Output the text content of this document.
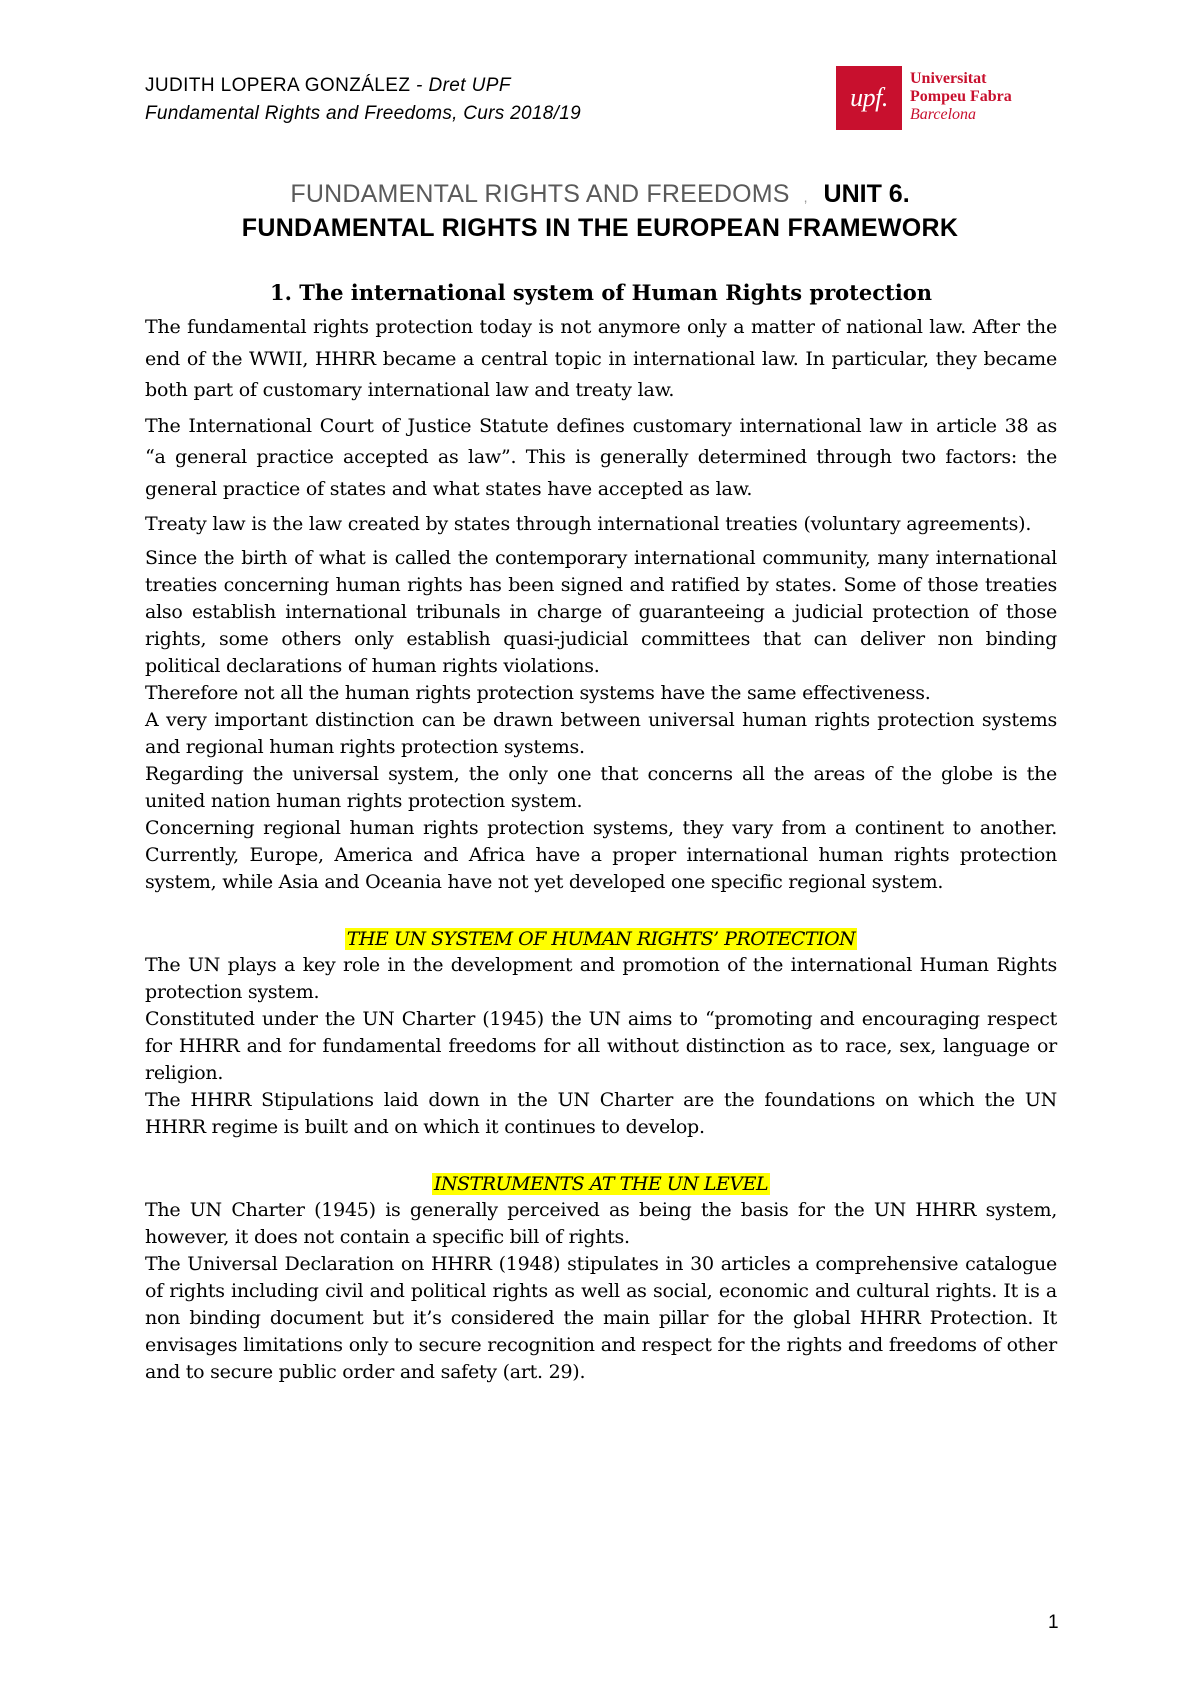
JUDITH LOPERA GONZÁLEZ - Dret UPF
Fundamental Rights and Freedoms, Curs 2018/19
upf.
Universitat
Pompeu Fabra
Barcelona
FUNDAMENTAL RIGHTS AND FREEDOMS , UNIT 6.
FUNDAMENTAL RIGHTS IN THE EUROPEAN FRAMEWORK
1. The international system of Human Rights protection

The fundamental rights protection today is not anymore only a matter of national law. After the end of the WWII, HHRR became a central topic in international law. In particular, they became both part of customary international law and treaty law.

The International Court of Justice Statute defines customary international law in article 38 as “a general practice accepted as law”. This is generally determined through two factors: the general practice of states and what states have accepted as law.

Treaty law is the law created by states through international treaties (voluntary agreements).

Since the birth of what is called the contemporary international community, many international treaties concerning human rights has been signed and ratified by states. Some of those treaties also establish international tribunals in charge of guaranteeing a judicial protection of those rights, some others only establish quasi-judicial committees that can deliver non binding political declarations of human rights violations.

Therefore not all the human rights protection systems have the same effectiveness.

A very important distinction can be drawn between universal human rights protection systems and regional human rights protection systems.

Regarding the universal system, the only one that concerns all the areas of the globe is the united nation human rights protection system.

Concerning regional human rights protection systems, they vary from a continent to another. Currently, Europe, America and Africa have a proper international human rights protection system, while Asia and Oceania have not yet developed one specific regional system.

THE UN SYSTEM OF HUMAN RIGHTS’ PROTECTION

The UN plays a key role in the development and promotion of the international Human Rights protection system.

Constituted under the UN Charter (1945) the UN aims to “promoting and encouraging respect for HHRR and for fundamental freedoms for all without distinction as to race, sex, language or religion.

The HHRR Stipulations laid down in the UN Charter are the foundations on which the UN HHRR regime is built and on which it continues to develop.

INSTRUMENTS AT THE UN LEVEL

The UN Charter (1945) is generally perceived as being the basis for the UN HHRR system, however, it does not contain a specific bill of rights.

The Universal Declaration on HHRR (1948) stipulates in 30 articles a comprehensive catalogue of rights including civil and political rights as well as social, economic and cultural rights. It is a non binding document but it’s considered the main pillar for the global HHRR Protection. It envisages limitations only to secure recognition and respect for the rights and freedoms of other and to secure public order and safety (art. 29).

1
